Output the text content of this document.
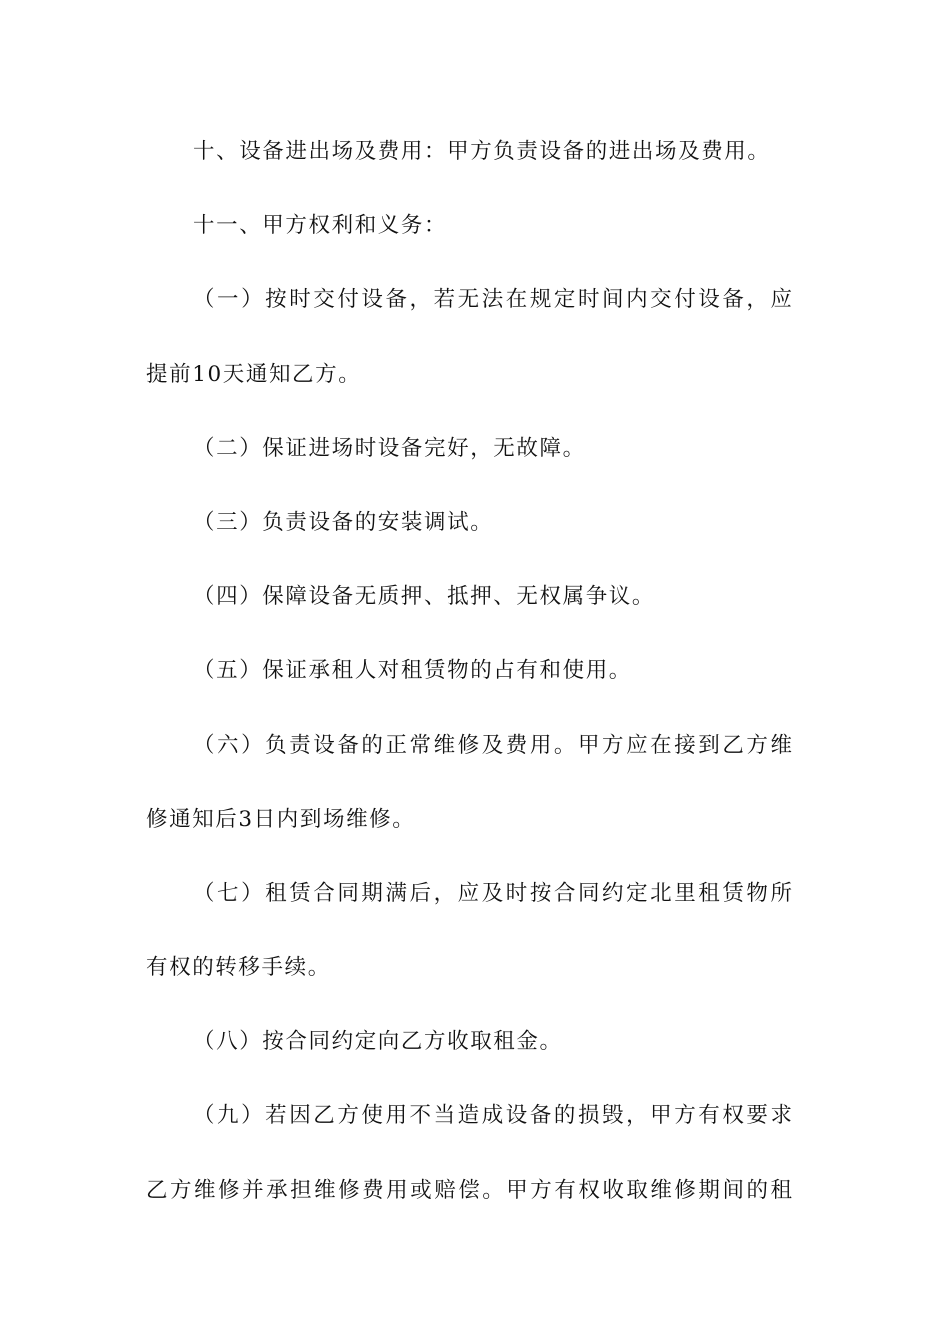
十、设备进出场及费用：甲方负责设备的进出场及费用。
十一、甲方权利和义务：
（一）按时交付设备，若无法在规定时间内交付设备，应
提前10天通知乙方。
（二）保证进场时设备完好，无故障。
（三）负责设备的安装调试。
（四）保障设备无质押、抵押、无权属争议。
（五）保证承租人对租赁物的占有和使用。
（六）负责设备的正常维修及费用。甲方应在接到乙方维
修通知后3日内到场维修。
（七）租赁合同期满后，应及时按合同约定北里租赁物所
有权的转移手续。
（八）按合同约定向乙方收取租金。
（九）若因乙方使用不当造成设备的损毁，甲方有权要求
乙方维修并承担维修费用或赔偿。甲方有权收取维修期间的租
